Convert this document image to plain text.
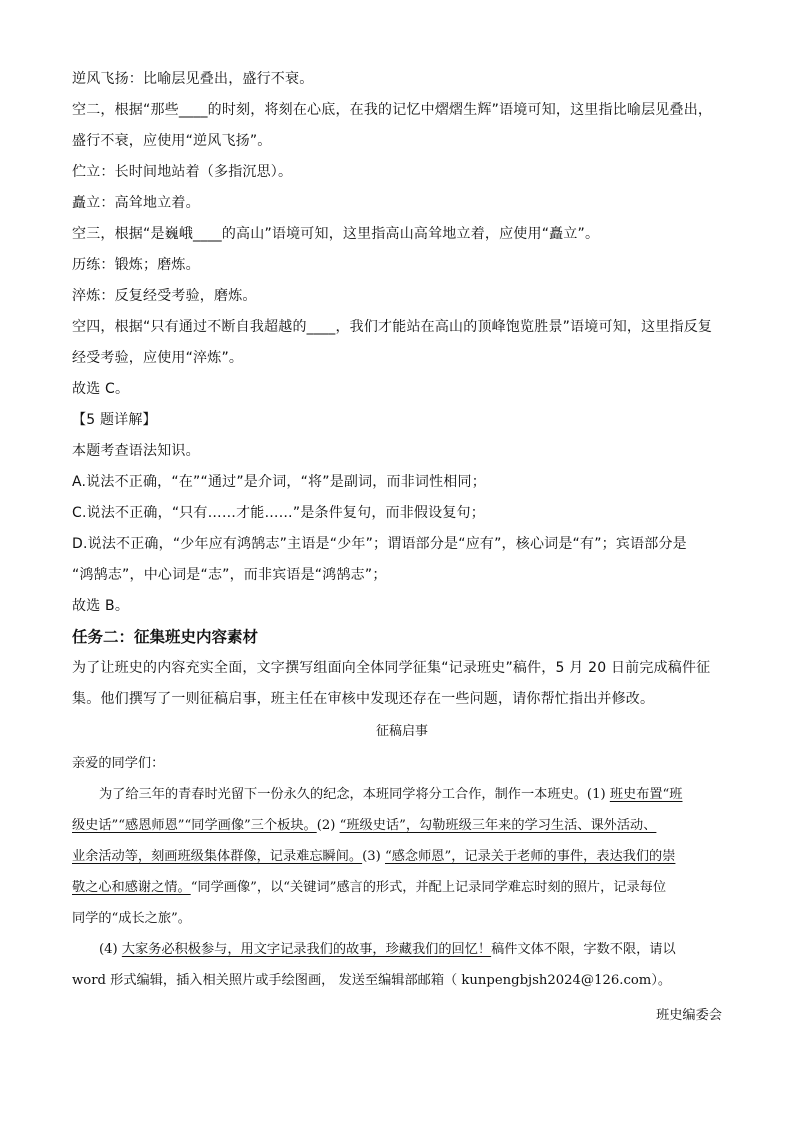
逆风飞扬：比喻层见叠出，盛行不衰。
空二，根据“那些____的时刻，将刻在心底，在我的记忆中熠熠生辉”语境可知，这里指比喻层见叠出，
盛行不衰，应使用“逆风飞扬”。
伫立：长时间地站着（多指沉思）。
矗立：高耸地立着。
空三，根据“是巍峨____的高山”语境可知，这里指高山高耸地立着，应使用“矗立”。
历练：锻炼；磨炼。
淬炼：反复经受考验，磨炼。
空四，根据“只有通过不断自我超越的____，我们才能站在高山的顶峰饱览胜景”语境可知，这里指反复
经受考验，应使用“淬炼”。
故选 C。
【5 题详解】
本题考查语法知识。
A.说法不正确，“在”“通过”是介词，“将”是副词，而非词性相同；
C.说法不正确，“只有……才能……”是条件复句，而非假设复句；
D.说法不正确，“少年应有鸿鹄志”主语是“少年”；谓语部分是“应有”，核心词是“有”；宾语部分是
“鸿鹄志”，中心词是“志”，而非宾语是“鸿鹄志”；
故选 B。
任务二：征集班史内容素材
为了让班史的内容充实全面，文字撰写组面向全体同学征集“记录班史”稿件，5 月 20 日前完成稿件征
集。他们撰写了一则征稿启事，班主任在审核中发现还存在一些问题，请你帮忙指出并修改。
征稿启事
亲爱的同学们：
为了给三年的青春时光留下一份永久的纪念，本班同学将分工合作，制作一本班史。(1) 班史布置“班
级史话”“感恩师恩”“同学画像”三个板块。(2) “班级史话”，勾勒班级三年来的学习生活、课外活动、
业余活动等，刻画班级集体群像，记录难忘瞬间。(3) “感念师恩”，记录关于老师的事件，表达我们的崇
敬之心和感谢之情。“同学画像”，以“关键词”感言的形式，并配上记录同学难忘时刻的照片，记录每位
同学的“成长之旅”。
(4) 大家务必积极参与，用文字记录我们的故事，珍藏我们的回忆！稿件文体不限，字数不限，请以
word 形式编辑，插入相关照片或手绘图画， 发送至编辑部邮箱（ kunpengbjsh2024@126.com）。
班史编委会
